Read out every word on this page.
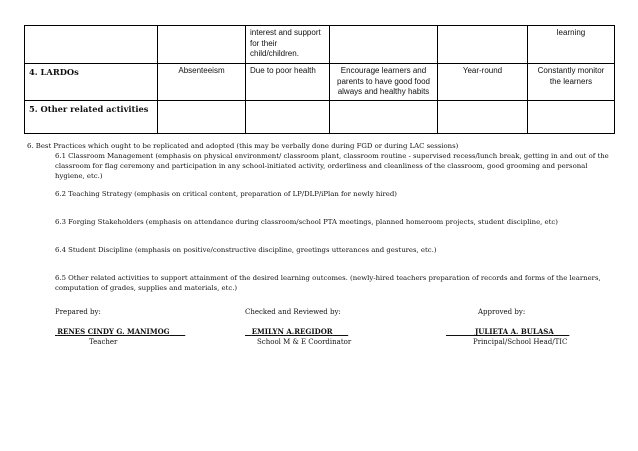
		interest and support for their child/children.			learning
4. LARDOs	Absenteeism	Due to poor health	Encourage learners and parents to have good food always and healthy habits	Year-round	Constantly monitor the learners
5. Other related activities					

6. Best Practices which ought to be replicated and adopted (this may be verbally done during FGD or during LAC sessions)

6.1 Classroom Management (emphasis on physical environment/ classroom plant, classroom routine - supervised recess/lunch break, getting in and out of the classroom for flag ceremony and participation in any school-initiated activity, orderliness and cleanliness of the classroom, good grooming and personal hygiene, etc.)

6.2 Teaching Strategy (emphasis on critical content, preparation of LP/DLP/iPlan for newly hired)

6.3 Forging Stakeholders (emphasis on attendance during classroom/school PTA meetings, planned homeroom projects, student discipline, etc)

6.4 Student Discipline (emphasis on positive/constructive discipline, greetings utterances and gestures, etc.)

6.5 Other related activities to support attainment of the desired learning outcomes. (newly-hired teachers preparation of records and forms of the learners, computation of grades, supplies and materials, etc.)

Prepared by:
RENES CINDY G. MANIMOG
Teacher
Checked and Reviewed by:
EMILYN A.REGIDOR
School M & E Coordinator
Approved by:
JULIETA A. BULASA
Principal/School Head/TIC
